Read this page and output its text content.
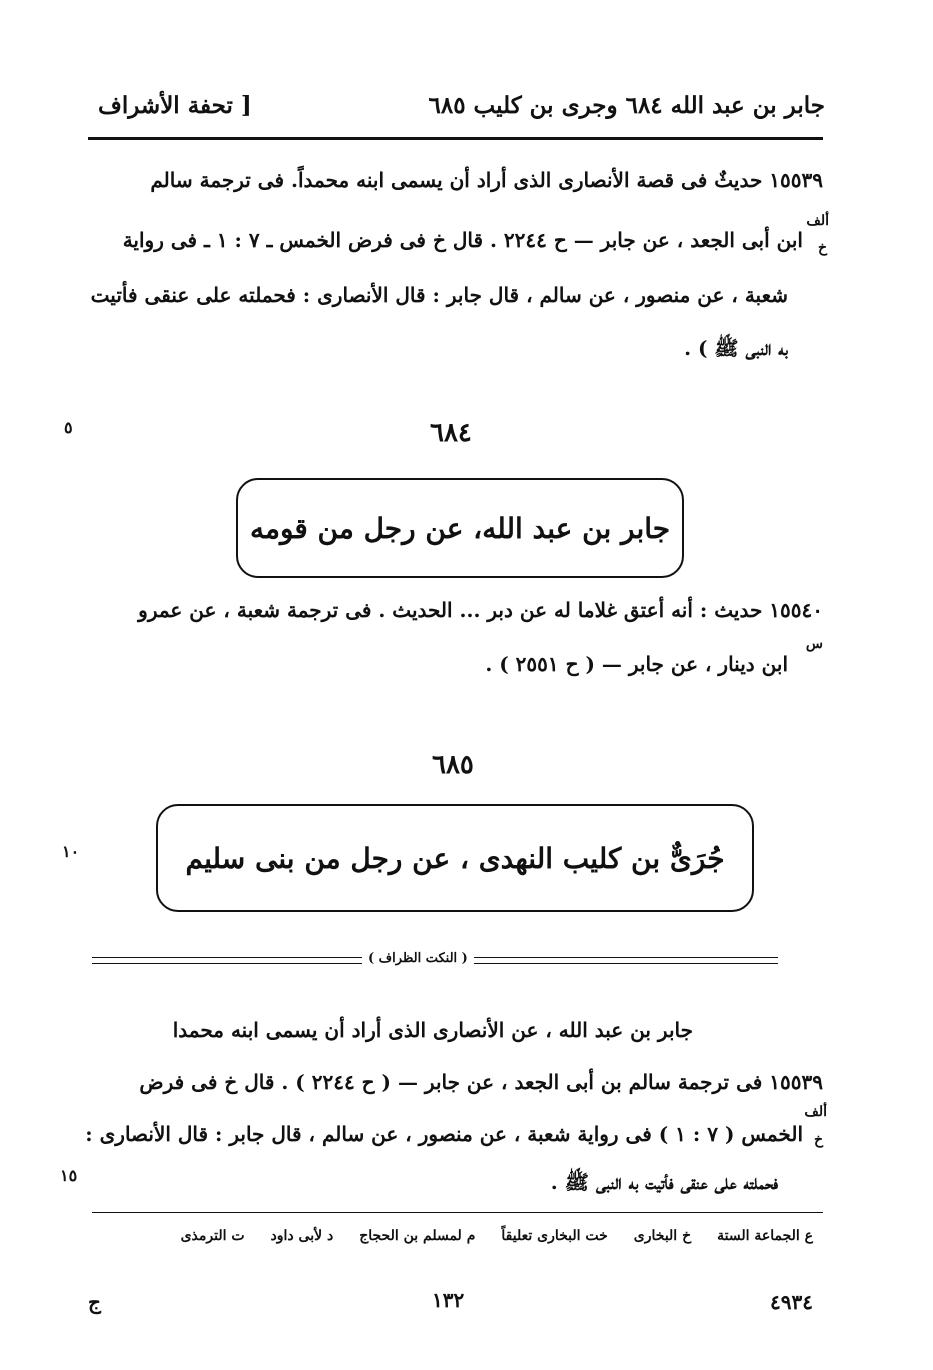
جابر بن عبد الله ٦٨٤ وجرى بن كليب ٦٨٥
[ تحفة الأشراف
١٥٥٣٩ حديثٌ فى قصة الأنصارى الذى أراد أن يسمى ابنه محمداً. فى ترجمة سالم
ألف
خ
ابن أبى الجعد ، عن جابر — ح ٢٢٤٤ . قال خ فى فرض الخمس ـ ٧ : ١ ـ فى رواية
شعبة ، عن منصور ، عن سالم ، قال جابر : قال الأنصارى : فحملته على عنقى فأتيت
به النبى ﷺ ) .
٥	٦٨٤
جابر بن عبد الله، عن رجل من قومه
١٥٥٤٠ حديث : أنه أعتق غلاما له عن دبر ... الحديث . فى ترجمة شعبة ، عن عمرو
س
ابن دينار ، عن جابر — ( ح ٢٥٥١ ) .
٦٨٥
١٠	جُرَىٌّ بن كليب النهدى ، عن رجل من بنى سليم
( النكت الظراف )
جابر بن عبد الله ، عن الأنصارى الذى أراد أن يسمى ابنه محمدا
١٥٥٣٩ فى ترجمة سالم بن أبى الجعد ، عن جابر — ( ح ٢٢٤٤ ) . قال خ فى فرض
ألف
خ
الخمس ( ٧ : ١ ) فى رواية شعبة ، عن منصور ، عن سالم ، قال جابر : قال الأنصارى :
١٥	فحملته على عنقى فأتيت به النبى ﷺ .
ع الجماعة الستة
خ البخارى
خت البخارى تعليقاً
م لمسلم بن الحجاج
د لأبى داود
ت الترمذى
٤٩٣٤
١٣٢
ج
